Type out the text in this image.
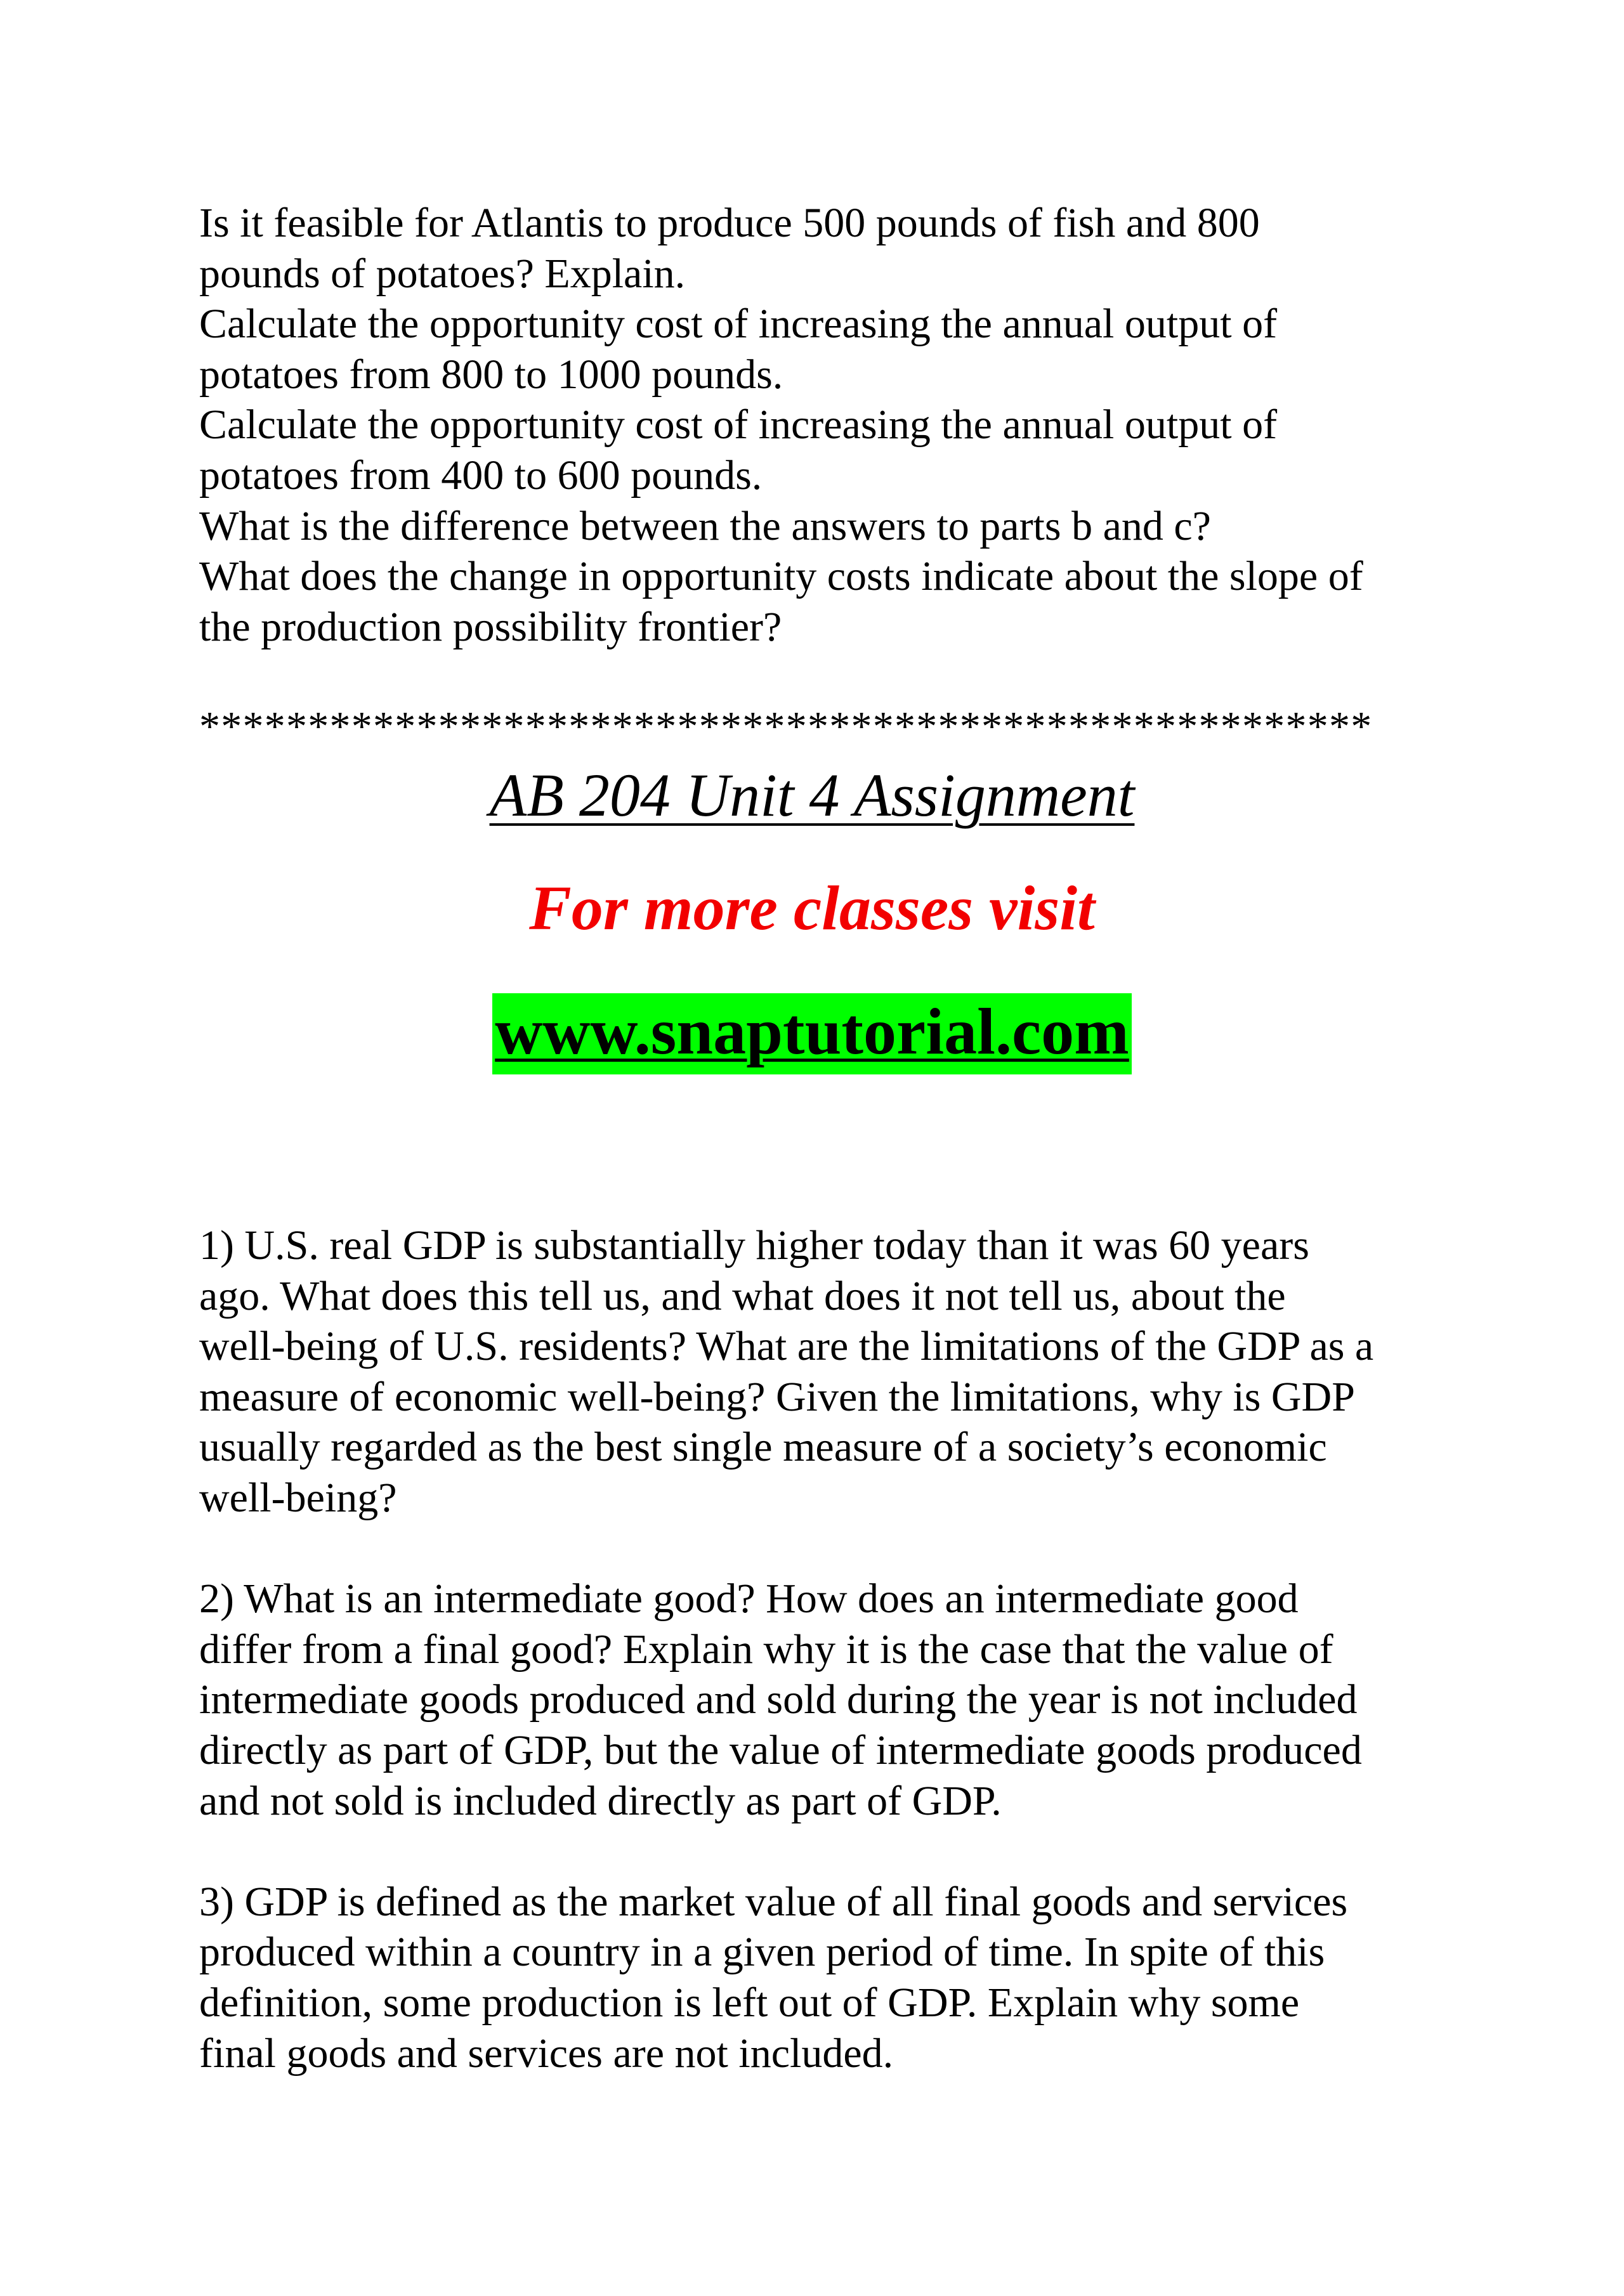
Is it feasible for Atlantis to produce 500 pounds of fish and 800

pounds of potatoes? Explain.

Calculate the opportunity cost of increasing the annual output of

potatoes from 800 to 1000 pounds.

Calculate the opportunity cost of increasing the annual output of

potatoes from 400 to 600 pounds.

What is the difference between the answers to parts b and c?

What does the change in opportunity costs indicate about the slope of

the production possibility frontier?

******************************************************
AB 204 Unit 4 Assignment
For more classes visit
www.snaptutorial.com

1) U.S. real GDP is substantially higher today than it was 60 years

ago. What does this tell us, and what does it not tell us, about the

well-being of U.S. residents? What are the limitations of the GDP as a

measure of economic well-being? Given the limitations, why is GDP

usually regarded as the best single measure of a society’s economic

well-being?

2) What is an intermediate good? How does an intermediate good

differ from a final good? Explain why it is the case that the value of

intermediate goods produced and sold during the year is not included

directly as part of GDP, but the value of intermediate goods produced

and not sold is included directly as part of GDP.

3) GDP is defined as the market value of all final goods and services

produced within a country in a given period of time. In spite of this

definition, some production is left out of GDP. Explain why some

final goods and services are not included.
